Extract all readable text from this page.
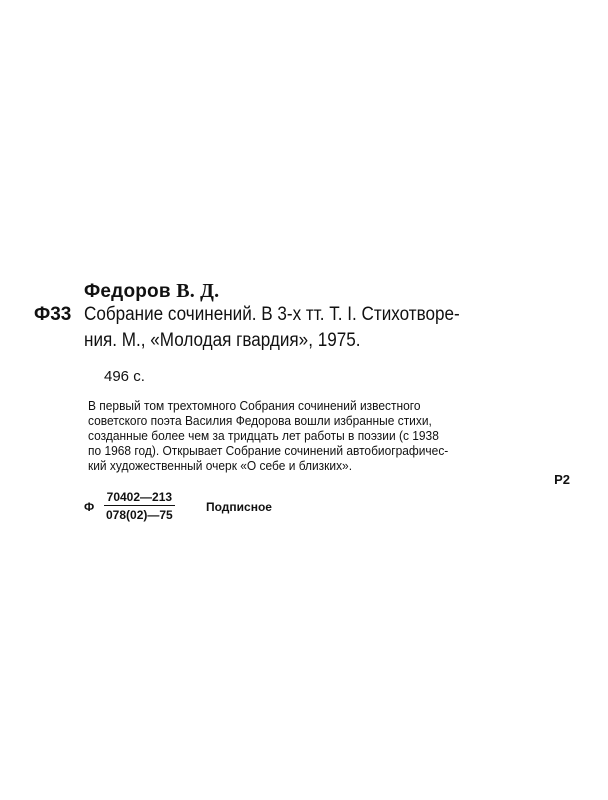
Федоров В. Д.
Ф33 Собрание сочинений. В 3-х тт. Т. I. Стихотворе-
ния. М., «Молодая гвардия», 1975.
496 с.
В первый том трехтомного Собрания сочинений известного
советского поэта Василия Федорова вошли избранные стихи,
созданные более чем за тридцать лет работы в поэзии (с 1938
по 1968 год). Открывает Собрание сочинений автобиографичес-
кий художественный очерк «О себе и близких».
Р2
Ф $\frac{70402—213}{078(02)—75}$	Подписное
